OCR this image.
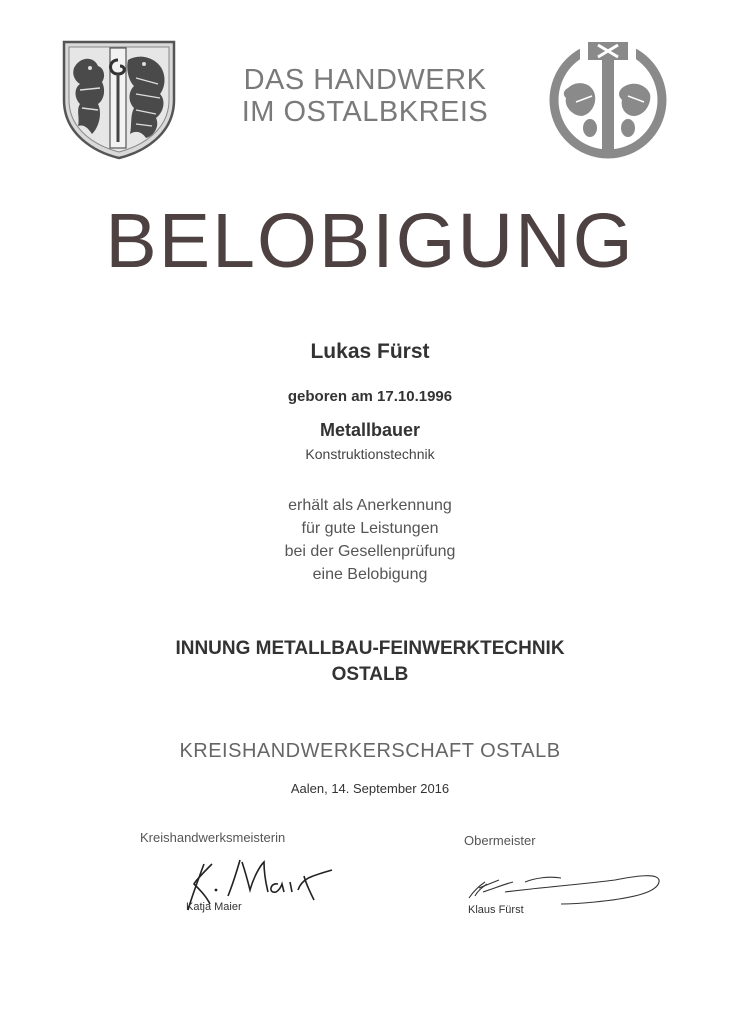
DAS HANDWERK
IM OSTALBKREIS
BELOBIGUNG
Lukas Fürst
geboren am 17.10.1996
Metallbauer
Konstruktionstechnik
erhält als Anerkennung
für gute Leistungen
bei der Gesellenprüfung
eine Belobigung
INNUNG METALLBAU-FEINWERKTECHNIK
OSTALB
KREISHANDWERKERSCHAFT OSTALB
Aalen, 14. September 2016
Kreishandwerksmeisterin	Obermeister
Katja Maier	Klaus Fürst
